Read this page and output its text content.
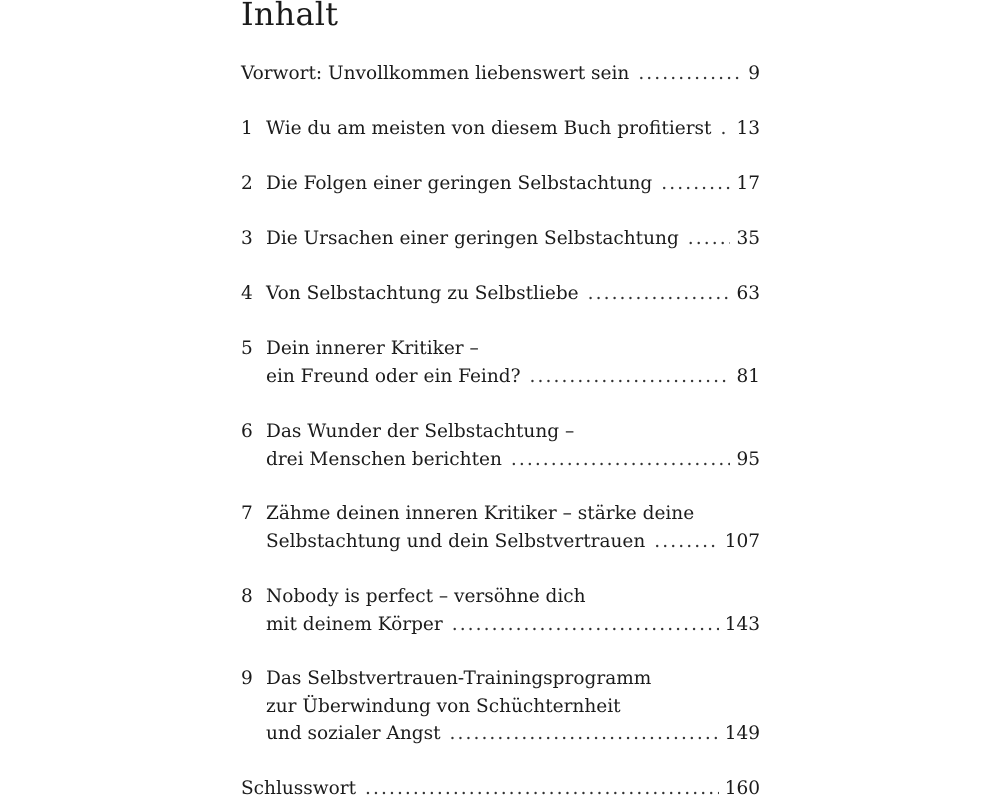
Inhalt
Vorwort: Unvollkommen liebenswert sein .....	9
1 Wie du am meisten von diesem Buch profitierst ..... 13
2 Die Folgen einer geringen Selbstachtung .....	17
3 Die Ursachen einer geringen Selbstachtung .....	35
4 Von Selbstachtung zu Selbstliebe .....	63
5 Dein innerer Kritiker –
ein Freund oder ein Feind? .....	81
6 Das Wunder der Selbstachtung –
drei Menschen berichten .....	95
7 Zähme deinen inneren Kritiker – stärke deine
Selbstachtung und dein Selbstvertrauen .....	107
8 Nobody is perfect – versöhne dich
mit deinem Körper .....	143
9 Das Selbstvertrauen-Trainingsprogramm
zur Überwindung von Schüchternheit
und sozialer Angst .....	149
Schlusswort .....	160
